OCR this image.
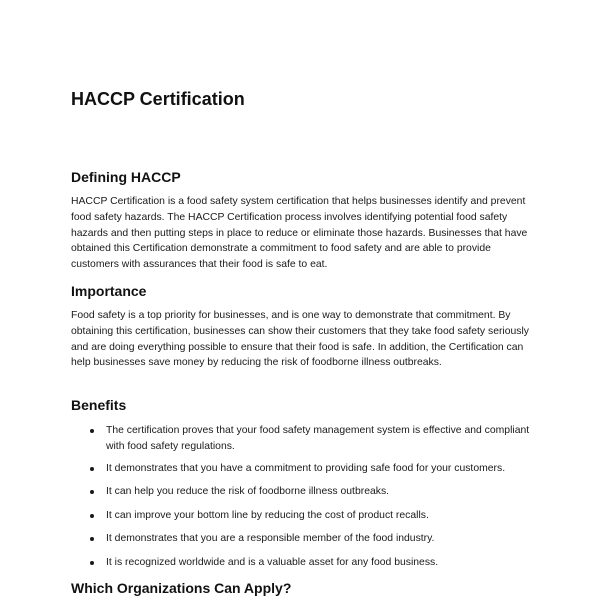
HACCP Certification
Defining HACCP

HACCP Certification is a food safety system certification that helps businesses identify and prevent food safety hazards. The HACCP Certification process involves identifying potential food safety hazards and then putting steps in place to reduce or eliminate those hazards. Businesses that have obtained this Certification demonstrate a commitment to food safety and are able to provide customers with assurances that their food is safe to eat.

Importance

Food safety is a top priority for businesses, and is one way to demonstrate that commitment. By obtaining this certification, businesses can show their customers that they take food safety seriously and are doing everything possible to ensure that their food is safe. In addition, the Certification can help businesses save money by reducing the risk of foodborne illness outbreaks.

Benefits
The certification proves that your food safety management system is effective and compliant with food safety regulations.
It demonstrates that you have a commitment to providing safe food for your customers.
It can help you reduce the risk of foodborne illness outbreaks.
It can improve your bottom line by reducing the cost of product recalls.
It demonstrates that you are a responsible member of the food industry.
It is recognized worldwide and is a valuable asset for any food business.
Which Organizations Can Apply?
